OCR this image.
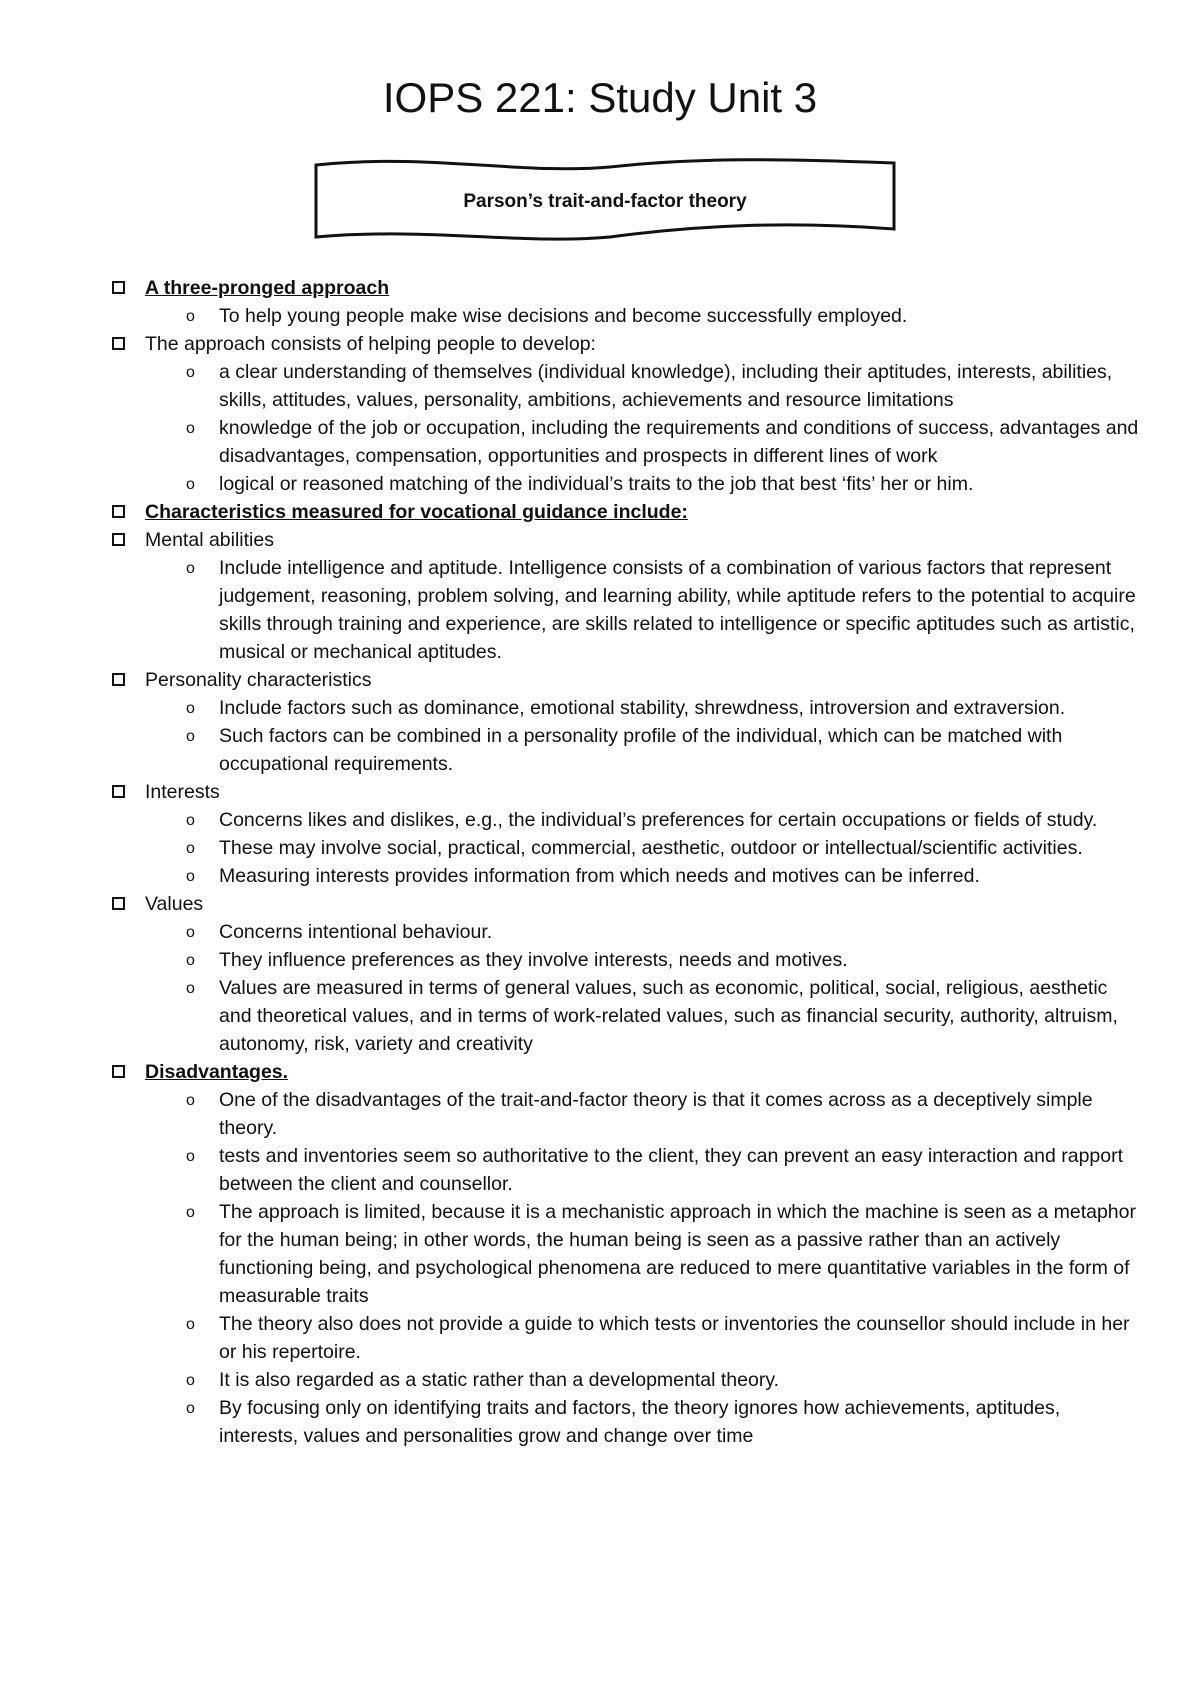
IOPS 221: Study Unit 3
Parson’s trait-and-factor theory
A three-pronged approach
o To help young people make wise decisions and become successfully employed.
The approach consists of helping people to develop:
o a clear understanding of themselves (individual knowledge), including their aptitudes, interests, abilities, skills, attitudes, values, personality, ambitions, achievements and resource limitations
o knowledge of the job or occupation, including the requirements and conditions of success, advantages and disadvantages, compensation, opportunities and prospects in different lines of work
o logical or reasoned matching of the individual’s traits to the job that best ‘fits’ her or him.
Characteristics measured for vocational guidance include:
Mental abilities
o Include intelligence and aptitude. Intelligence consists of a combination of various factors that represent judgement, reasoning, problem solving, and learning ability, while aptitude refers to the potential to acquire skills through training and experience, are skills related to intelligence or specific aptitudes such as artistic, musical or mechanical aptitudes.
Personality characteristics
o Include factors such as dominance, emotional stability, shrewdness, introversion and extraversion.
o Such factors can be combined in a personality profile of the individual, which can be matched with occupational requirements.
Interests
o Concerns likes and dislikes, e.g., the individual’s preferences for certain occupations or fields of study.
o These may involve social, practical, commercial, aesthetic, outdoor or intellectual/scientific activities.
o Measuring interests provides information from which needs and motives can be inferred.
Values
o Concerns intentional behaviour.
o They influence preferences as they involve interests, needs and motives.
o Values are measured in terms of general values, such as economic, political, social, religious, aesthetic and theoretical values, and in terms of work-related values, such as financial security, authority, altruism, autonomy, risk, variety and creativity
Disadvantages.
o One of the disadvantages of the trait-and-factor theory is that it comes across as a deceptively simple theory.
o tests and inventories seem so authoritative to the client, they can prevent an easy interaction and rapport between the client and counsellor.
o The approach is limited, because it is a mechanistic approach in which the machine is seen as a metaphor for the human being; in other words, the human being is seen as a passive rather than an actively functioning being, and psychological phenomena are reduced to mere quantitative variables in the form of measurable traits
o The theory also does not provide a guide to which tests or inventories the counsellor should include in her or his repertoire.
o It is also regarded as a static rather than a developmental theory.
o By focusing only on identifying traits and factors, the theory ignores how achievements, aptitudes, interests, values and personalities grow and change over time
